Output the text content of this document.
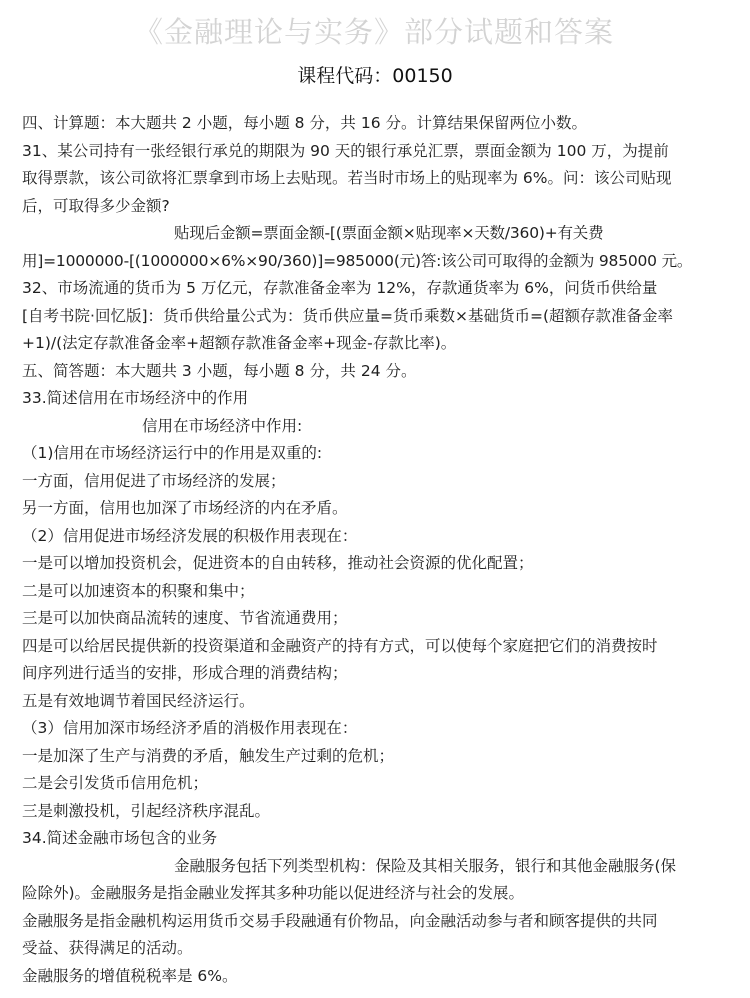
《金融理论与实务》部分试题和答案
课程代码：00150
四、计算题：本大题共 2 小题，每小题 8 分，共 16 分。计算结果保留两位小数。
31、某公司持有一张经银行承兑的期限为 90 天的银行承兑汇票，票面金额为 100 万，为提前
取得票款，该公司欲将汇票拿到市场上去贴现。若当时市场上的贴现率为 6%。问：该公司贴现
后，可取得多少金额?
贴现后金额=票面金额-[(票面金额×贴现率×天数/360)+有关费
用]=1000000-[(1000000×6%×90/360)]=985000(元)答:该公司可取得的金额为 985000 元。
32、市场流通的货币为 5 万亿元，存款准备金率为 12%，存款通货率为 6%，问货币供给量
[自考书院·回忆版]：货币供给量公式为：货币供应量=货币乘数×基础货币=(超额存款准备金率
+1)/(法定存款准备金率+超额存款准备金率+现金-存款比率)。
五、简答题：本大题共 3 小题，每小题 8 分，共 24 分。
33.简述信用在市场经济中的作用
信用在市场经济中作用:
（1)信用在市场经济运行中的作用是双重的:
一方面，信用促进了市场经济的发展；
另一方面，信用也加深了市场经济的内在矛盾。
（2）信用促进市场经济发展的积极作用表现在：
一是可以增加投资机会，促进资本的自由转移，推动社会资源的优化配置；
二是可以加速资本的积聚和集中；
三是可以加快商品流转的速度、节省流通费用；
四是可以给居民提供新的投资渠道和金融资产的持有方式，可以使每个家庭把它们的消费按时
间序列进行适当的安排，形成合理的消费结构；
五是有效地调节着国民经济运行。
（3）信用加深市场经济矛盾的消极作用表现在：
一是加深了生产与消费的矛盾，触发生产过剩的危机；
二是会引发货币信用危机；
三是刺激投机，引起经济秩序混乱。
34.简述金融市场包含的业务
金融服务包括下列类型机构：保险及其相关服务，银行和其他金融服务(保
险除外)。金融服务是指金融业发挥其多种功能以促进经济与社会的发展。
金融服务是指金融机构运用货币交易手段融通有价物品，向金融活动参与者和顾客提供的共同
受益、获得满足的活动。
金融服务的增值税税率是 6%。
